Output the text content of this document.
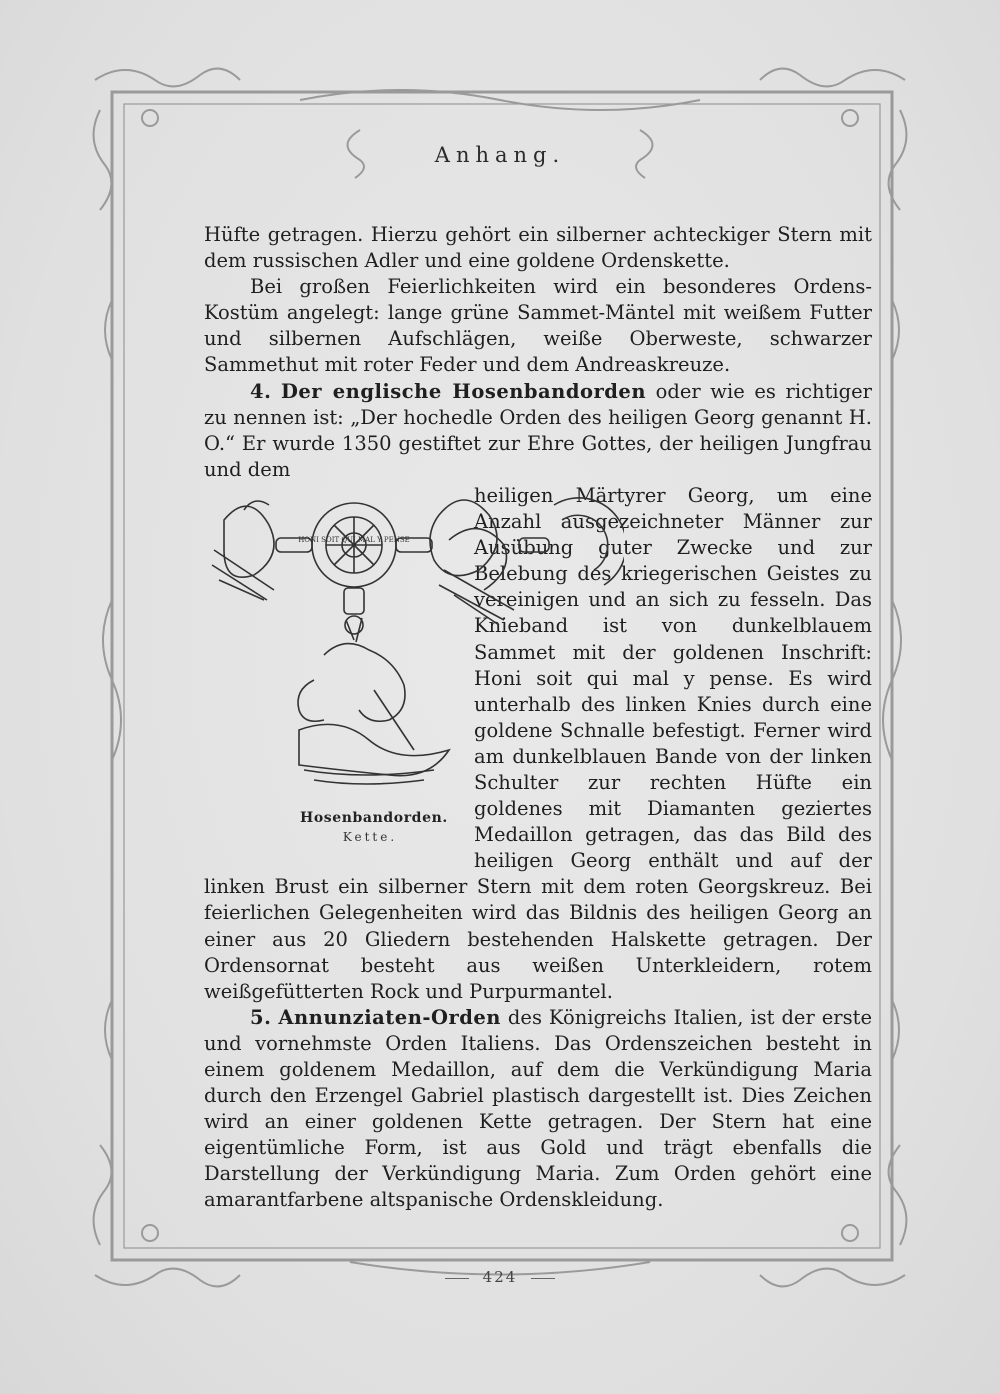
Anhang.

Hüfte getragen. Hierzu gehört ein silberner achteckiger Stern mit dem russischen Adler und eine goldene Ordenskette.

Bei großen Feierlichkeiten wird ein besonderes Ordens-Kostüm angelegt: lange grüne Sammet-Mäntel mit weißem Futter und silbernen Aufschlägen, weiße Oberweste, schwarzer Sammethut mit roter Feder und dem Andreaskreuze.

4. Der englische Hosenbandorden oder wie es richtiger zu nennen ist: „Der hochedle Orden des heiligen Georg genannt H. O.“ Er wurde 1350 gestiftet zur Ehre Gottes, der heiligen Jungfrau und dem

heiligen Märtyrer Georg, um eine Anzahl ausgezeichneter Männer zur Ausübung guter Zwecke und zur Belebung des kriegerischen Geistes zu vereinigen und an sich zu fesseln. Das Knieband ist von dunkelblauem Sammet mit der goldenen Inschrift: Honi soit qui mal y pense. Es wird unterhalb des linken Knies durch eine goldene Schnalle befestigt. Ferner wird am dunkelblauen Bande von der linken Schulter zur rechten Hüfte ein goldenes mit Diamanten geziertes Medaillon getragen, das das Bild des heiligen Georg enthält und auf der linken Brust ein silberner Stern mit dem roten Georgskreuz. Bei feierlichen Gelegenheiten wird das Bildnis des heiligen Georg an einer aus 20 Gliedern bestehenden Halskette getragen. Der Ordensornat besteht aus weißen Unterkleidern, rotem weißgefütterten Rock und Purpurmantel.

5. Annunziaten-Orden des Königreichs Italien, ist der erste und vornehmste Orden Italiens. Das Ordenszeichen besteht in einem goldenem Medaillon, auf dem die Verkündigung Maria durch den Erzengel Gabriel plastisch dargestellt ist. Dies Zeichen wird an einer goldenen Kette getragen. Der Stern hat eine eigentümliche Form, ist aus Gold und trägt ebenfalls die Darstellung der Verkündigung Maria. Zum Orden gehört eine amarantfarbene altspanische Ordenskleidung.

HONI SOIT QUI MAL Y PENSE
Hosenbandorden.
Kette.
424
